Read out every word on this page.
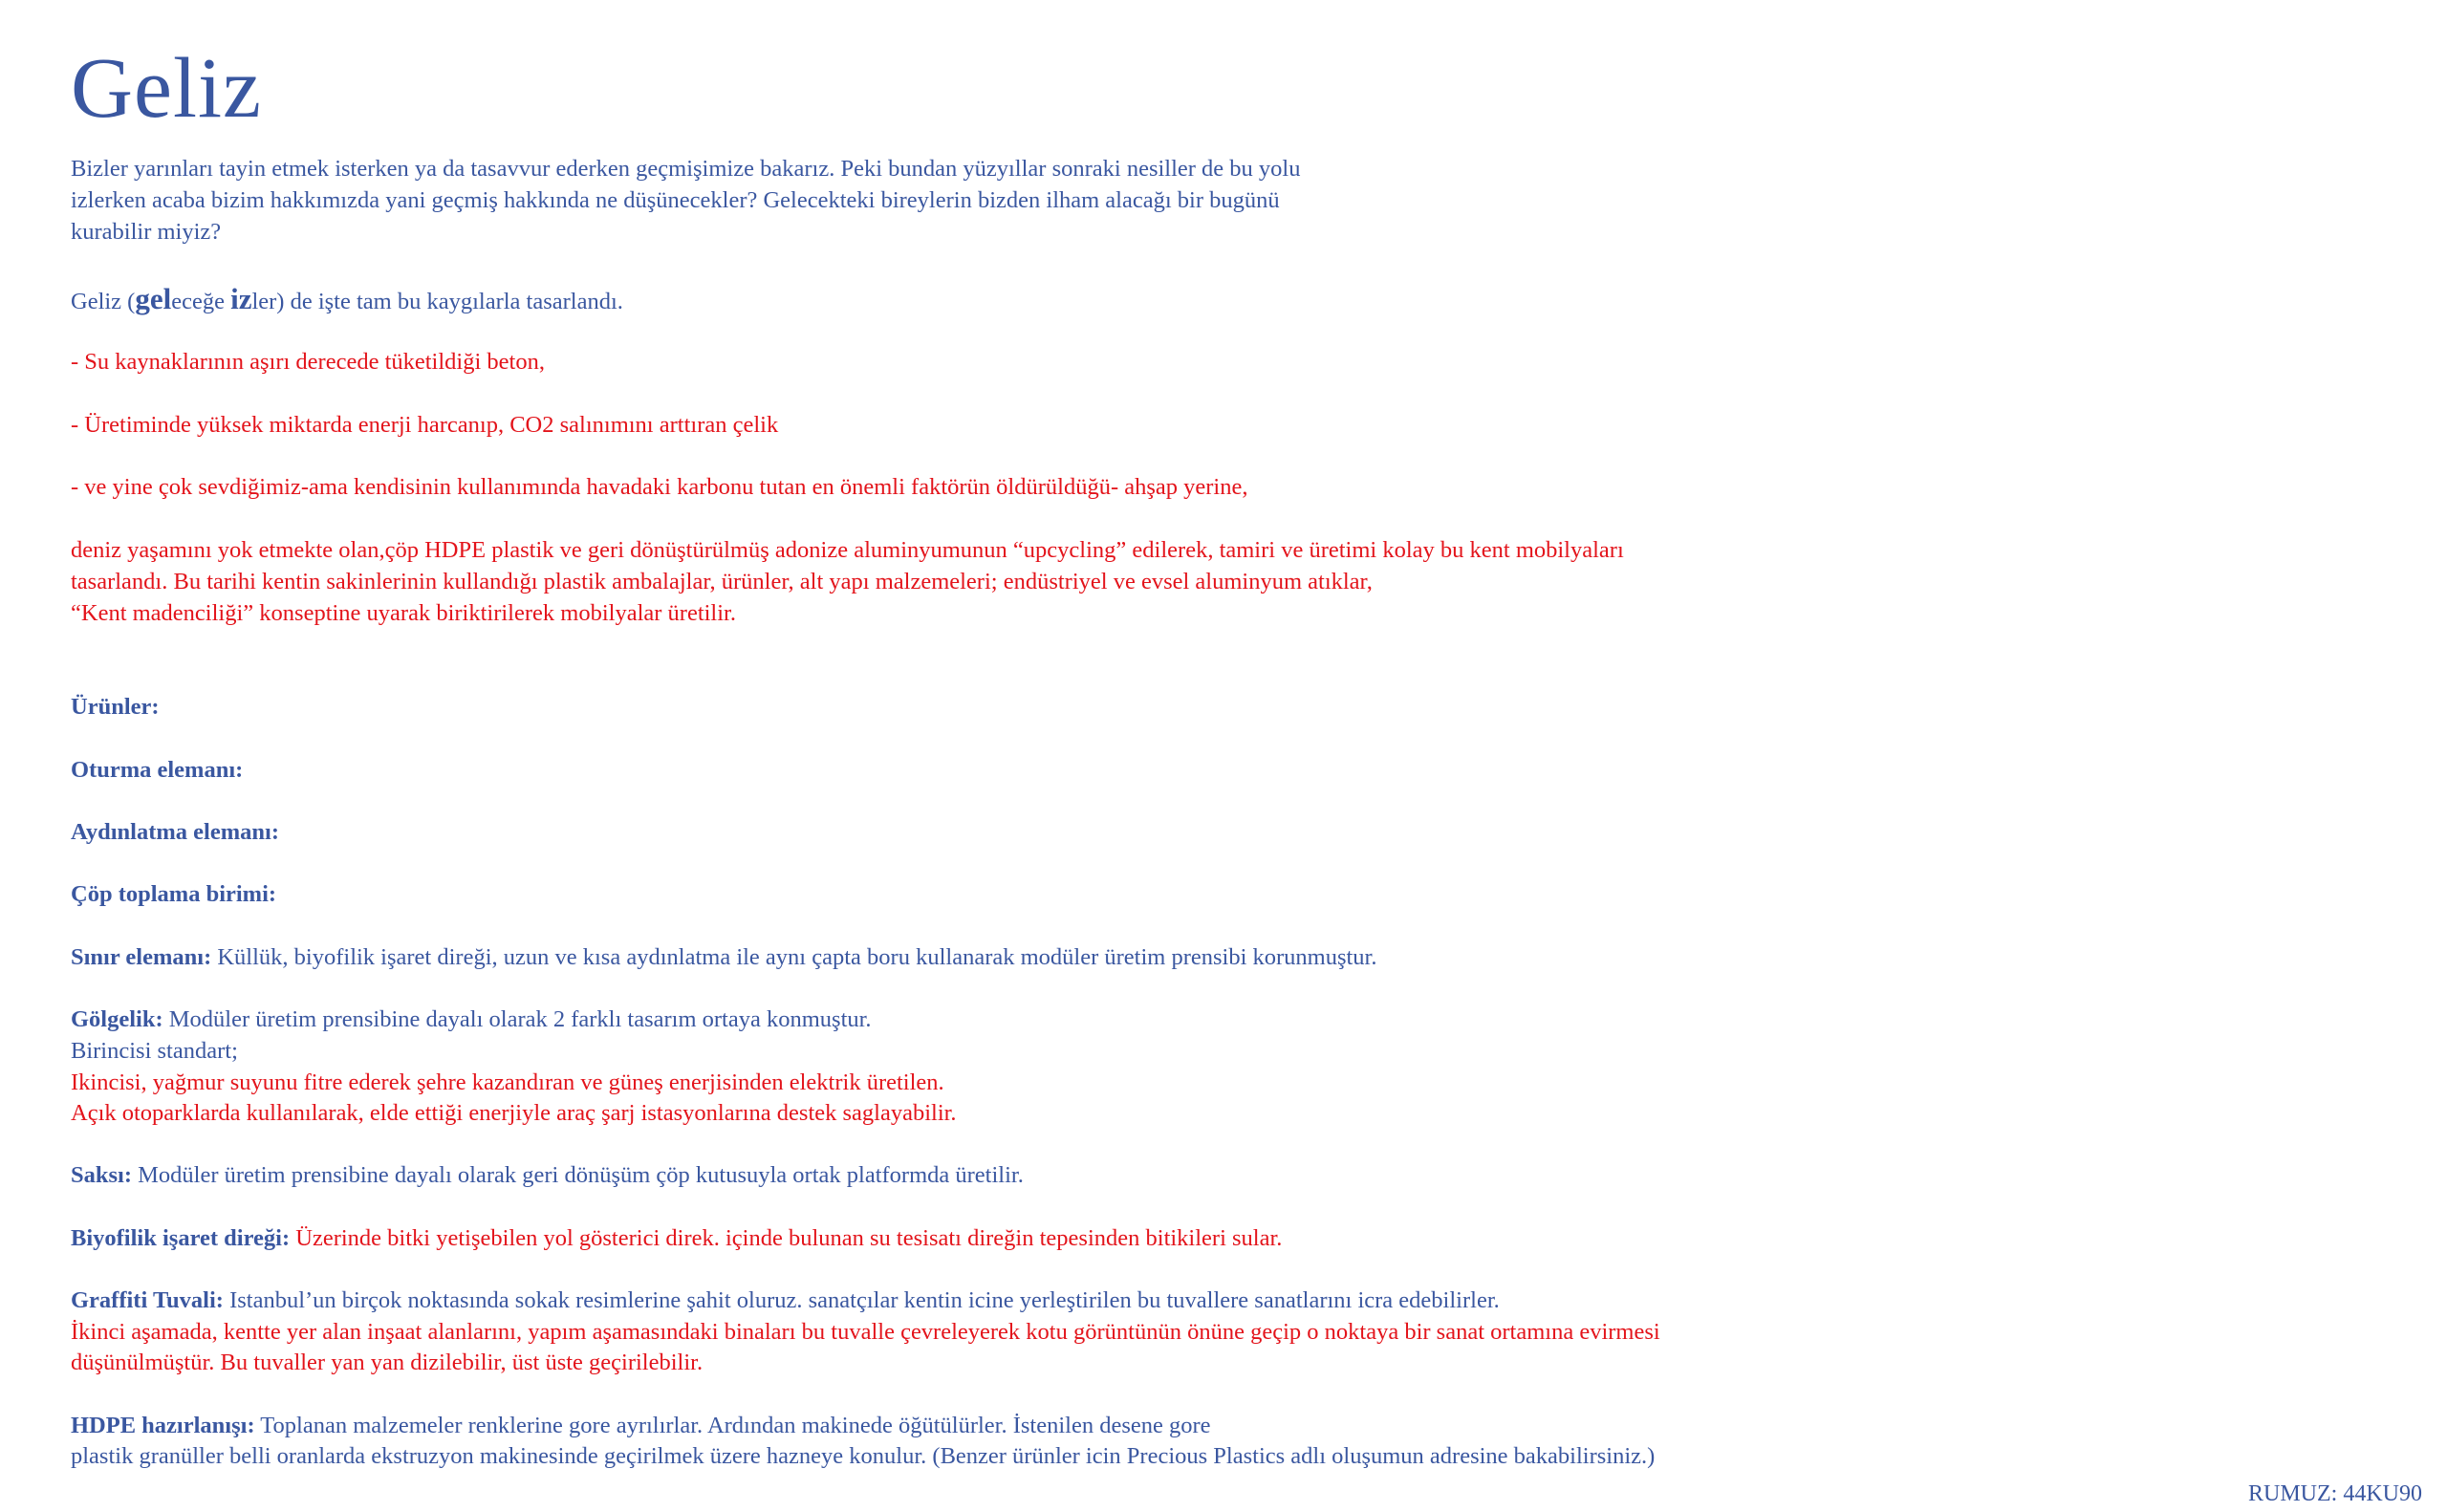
Geliz
Bizler yarınları tayin etmek isterken ya da tasavvur ederken geçmişimize bakarız. Peki bundan yüzyıllar sonraki nesiller de bu yolu
izlerken acaba bizim hakkımızda yani geçmiş hakkında ne düşünecekler? Gelecekteki bireylerin bizden ilham alacağı bir bugünü
kurabilir miyiz?
Geliz (geleceğe izler) de işte tam bu kaygılarla tasarlandı.
- Su kaynaklarının aşırı derecede tüketildiği beton,
- Üretiminde yüksek miktarda enerji harcanıp, CO2 salınımını arttıran çelik
- ve yine çok sevdiğimiz-ama kendisinin kullanımında havadaki karbonu tutan en önemli faktörün öldürüldüğü- ahşap yerine,
deniz yaşamını yok etmekte olan,çöp HDPE plastik ve geri dönüştürülmüş adonize aluminyumunun “upcycling” edilerek, tamiri ve üretimi kolay bu kent mobilyaları
tasarlandı. Bu tarihi kentin sakinlerinin kullandığı plastik ambalajlar, ürünler, alt yapı malzemeleri; endüstriyel ve evsel aluminyum atıklar,
“Kent madenciliği” konseptine uyarak biriktirilerek mobilyalar üretilir.
Ürünler:
Oturma elemanı:
Aydınlatma elemanı:
Çöp toplama birimi:
Sınır elemanı: Küllük, biyofilik işaret direği, uzun ve kısa aydınlatma ile aynı çapta boru kullanarak modüler üretim prensibi korunmuştur.
Gölgelik: Modüler üretim prensibine dayalı olarak 2 farklı tasarım ortaya konmuştur.
Birincisi standart;
Ikincisi, yağmur suyunu fitre ederek şehre kazandıran ve güneş enerjisinden elektrik üretilen.
Açık otoparklarda kullanılarak, elde ettiği enerjiyle araç şarj istasyonlarına destek saglayabilir.
Saksı: Modüler üretim prensibine dayalı olarak geri dönüşüm çöp kutusuyla ortak platformda üretilir.
Biyofilik işaret direği: Üzerinde bitki yetişebilen yol gösterici direk. içinde bulunan su tesisatı direğin tepesinden bitikileri sular.
Graffiti Tuvali: Istanbul’un birçok noktasında sokak resimlerine şahit oluruz. sanatçılar kentin icine yerleştirilen bu tuvallere sanatlarını icra edebilirler.
İkinci aşamada, kentte yer alan inşaat alanlarını, yapım aşamasındaki binaları bu tuvalle çevreleyerek kotu görüntünün önüne geçip o noktaya bir sanat ortamına evirmesi
düşünülmüştür. Bu tuvaller yan yan dizilebilir, üst üste geçirilebilir.
HDPE hazırlanışı: Toplanan malzemeler renklerine gore ayrılırlar. Ardından makinede öğütülürler. İstenilen desene gore
plastik granüller belli oranlarda ekstruzyon makinesinde geçirilmek üzere hazneye konulur. (Benzer ürünler icin Precious Plastics adlı oluşumun adresine bakabilirsiniz.)
RUMUZ: 44KU90
